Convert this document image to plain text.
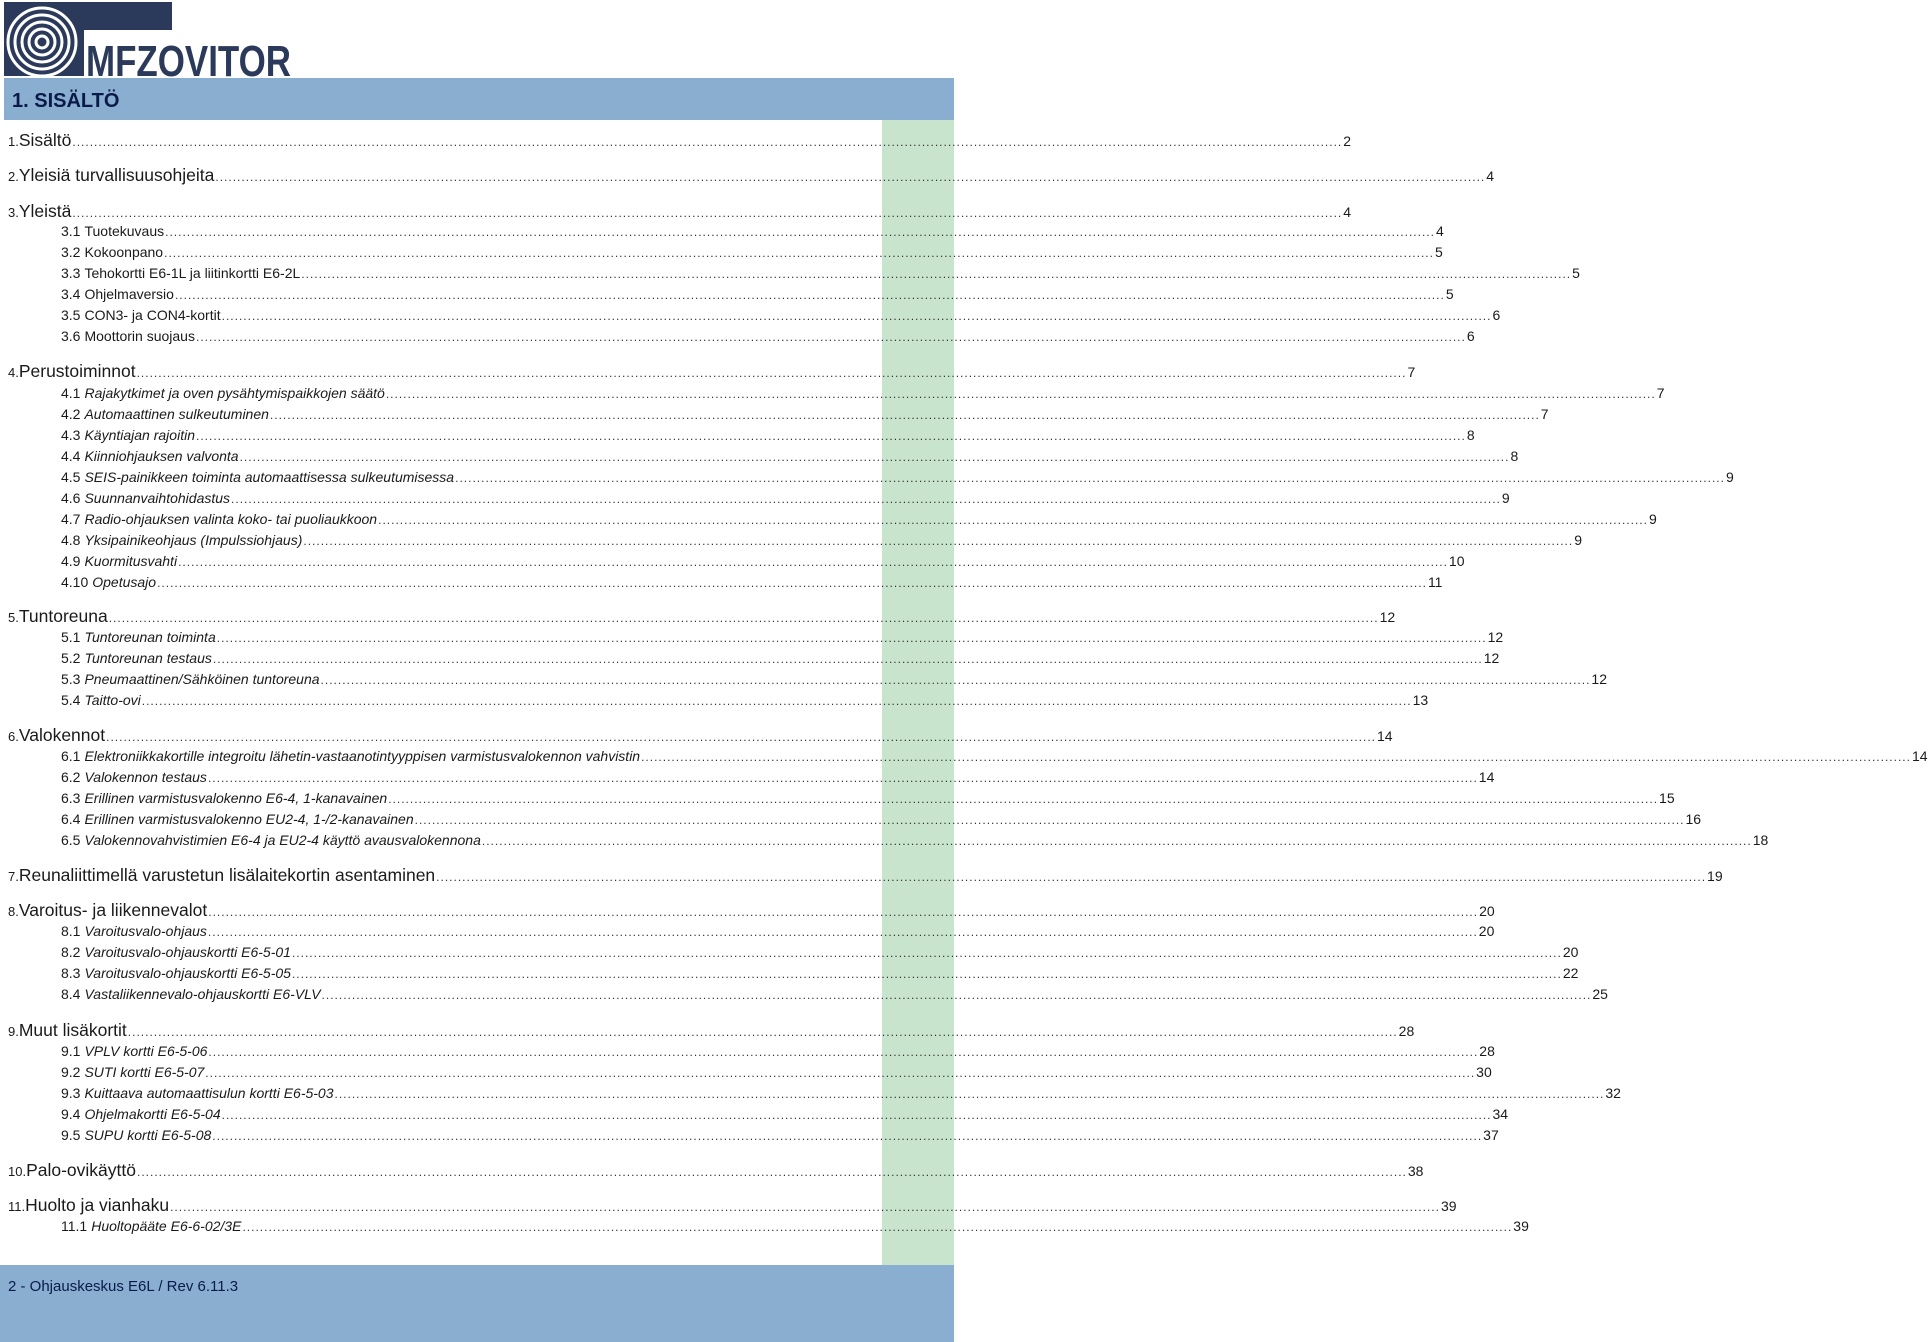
MFZOVITOR
1. SISÄLTÖ
1. Sisältö .....	2
2. Yleisiä turvallisuusohjeita .....	4
3. Yleistä .....	4
3.1 Tuotekuvaus .....	4
3.2 Kokoonpano .....	5
3.3 Tehokortti E6-1L ja liitinkortti E6-2L .....	5
3.4 Ohjelmaversio .....	5
3.5 CON3- ja CON4-kortit .....	6
3.6 Moottorin suojaus .....	6
4. Perustoiminnot .....	7
4.1 Rajakytkimet ja oven pysähtymispaikkojen säätö .....	7
4.2 Automaattinen sulkeutuminen .....	7
4.3 Käyntiajan rajoitin .....	8
4.4 Kiinniohjauksen valvonta .....	8
4.5 SEIS-painikkeen toiminta automaattisessa sulkeutumisessa .....	9
4.6 Suunnanvaihtohidastus .....	9
4.7 Radio-ohjauksen valinta koko- tai puoliaukkoon .....	9
4.8 Yksipainikeohjaus (Impulssiohjaus) .....	9
4.9 Kuormitusvahti .....	10
4.10 Opetusajo .....	11
5. Tuntoreuna .....	12
5.1 Tuntoreunan toiminta .....	12
5.2 Tuntoreunan testaus .....	12
5.3 Pneumaattinen/Sähköinen tuntoreuna .....	12
5.4 Taitto-ovi .....	13
6. Valokennot .....	14
6.1 Elektroniikkakortille integroitu lähetin-vastaanotintyyppisen varmistusvalokennon vahvistin .....	14
6.2 Valokennon testaus .....	14
6.3 Erillinen varmistusvalokenno E6-4, 1-kanavainen .....	15
6.4 Erillinen varmistusvalokenno EU2-4, 1-/2-kanavainen .....	16
6.5 Valokennovahvistimien E6-4 ja EU2-4 käyttö avausvalokennona .....	18
7. Reunaliittimellä varustetun lisälaitekortin asentaminen .....	19
8. Varoitus- ja liikennevalot .....	20
8.1 Varoitusvalo-ohjaus .....	20
8.2 Varoitusvalo-ohjauskortti E6-5-01 .....	20
8.3 Varoitusvalo-ohjauskortti E6-5-05 .....	22
8.4 Vastaliikennevalo-ohjauskortti E6-VLV .....	25
9. Muut lisäkortit .....	28
9.1 VPLV kortti E6-5-06 .....	28
9.2 SUTI kortti E6-5-07 .....	30
9.3 Kuittaava automaattisulun kortti E6-5-03 .....	32
9.4 Ohjelmakortti E6-5-04 .....	34
9.5 SUPU kortti E6-5-08 .....	37
10. Palo-ovikäyttö .....	38
11. Huolto ja vianhaku .....	39
11.1 Huoltopääte E6-6-02/3E .....	39
2 - Ohjauskeskus E6L / Rev 6.11.3
